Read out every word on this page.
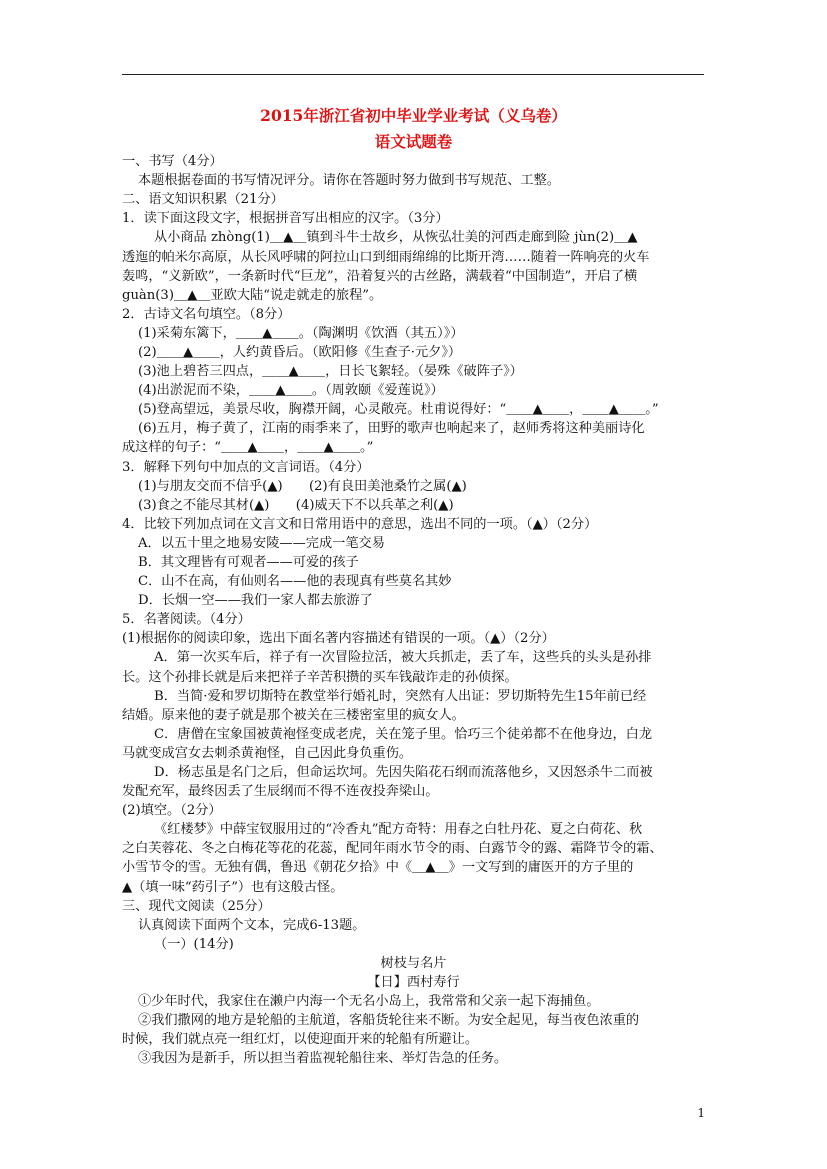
2015年浙江省初中毕业学业考试（义乌卷）
语文试题卷
一、书写（4分）
本题根据卷面的书写情况评分。请你在答题时努力做到书写规范、工整。
二、语文知识积累（21分）
1．读下面这段文字，根据拼音写出相应的汉字。（3分）
从小商品 zhòng(1)＿▲＿镇到斗牛士故乡，从恢弘壮美的河西走廊到险 jùn(2)＿▲
透迤的帕米尔高原，从长风呼啸的阿拉山口到细雨绵绵的比斯开湾……随着一阵响亮的火车
轰鸣，“义新欧”，一条新时代“巨龙”，沿着复兴的古丝路，满载着“中国制造”，开启了横
guàn(3)＿▲＿亚欧大陆“说走就走的旅程”。
2．古诗文名句填空。（8分）
(1)采菊东篱下，＿＿▲＿＿。（陶渊明《饮酒（其五）》）
(2)＿＿▲＿＿，人约黄昏后。（欧阳修《生查子·元夕》）
(3)池上碧苔三四点，＿＿▲＿＿，日长飞絮轻。（晏殊《破阵子》）
(4)出淤泥而不染，＿＿▲＿＿。（周敦颐《爱莲说》）
(5)登高望远，美景尽收，胸襟开阔，心灵敞亮。杜甫说得好：“＿＿▲＿＿，＿＿▲＿＿。”
(6)五月，梅子黄了，江南的雨季来了，田野的歌声也响起来了，赵师秀将这种美丽诗化
成这样的句子：“＿＿▲＿＿，＿＿▲＿＿。”
3．解释下列句中加点的文言词语。（4分）
(1)与朋友交而不信乎(▲)　　(2)有良田美池桑竹之属(▲)
(3)食之不能尽其材(▲)　　(4)威天下不以兵革之利(▲)
4．比较下列加点词在文言文和日常用语中的意思，选出不同的一项。（▲）（2分）
A．以五十里之地易安陵——完成一笔交易
B．其文理皆有可观者——可爱的孩子
C．山不在高，有仙则名——他的表现真有些莫名其妙
D．长烟一空——我们一家人都去旅游了
5．名著阅读。（4分）
(1)根据你的阅读印象，选出下面名著内容描述有错误的一项。（▲）（2分）
A．第一次买车后，祥子有一次冒险拉活，被大兵抓走，丢了车，这些兵的头头是孙排
长。这个孙排长就是后来把祥子辛苦积攒的买车钱敲诈走的孙侦探。
B．当简·爱和罗切斯特在教堂举行婚礼时，突然有人出证：罗切斯特先生15年前已经
结婚。原来他的妻子就是那个被关在三楼密室里的疯女人。
C．唐僧在宝象国被黄袍怪变成老虎，关在笼子里。恰巧三个徒弟都不在他身边，白龙
马就变成宫女去刺杀黄袍怪，自己因此身负重伤。
D．杨志虽是名门之后，但命运坎坷。先因失陷花石纲而流落他乡，又因怒杀牛二而被
发配充军，最终因丢了生辰纲而不得不连夜投奔梁山。
(2)填空。（2分）
《红楼梦》中薛宝钗服用过的“冷香丸”配方奇特：用春之白牡丹花、夏之白荷花、秋
之白芙蓉花、冬之白梅花等花的花蕊，配同年雨水节令的雨、白露节令的露、霜降节令的霜、
小雪节令的雪。无独有偶，鲁迅《朝花夕拾》中《＿▲＿》一文写到的庸医开的方子里的
▲（填一味“药引子”）也有这般古怪。
三、现代文阅读（25分）
认真阅读下面两个文本，完成6-13题。
（一）(14分)
树枝与名片
【日】西村寿行
①少年时代，我家住在濑户内海一个无名小岛上，我常常和父亲一起下海捕鱼。
②我们撒网的地方是轮船的主航道，客船货轮往来不断。为安全起见，每当夜色浓重的
时候，我们就点亮一组红灯，以使迎面开来的轮船有所避让。
③我因为是新手，所以担当着监视轮船往来、举灯告急的任务。
1
